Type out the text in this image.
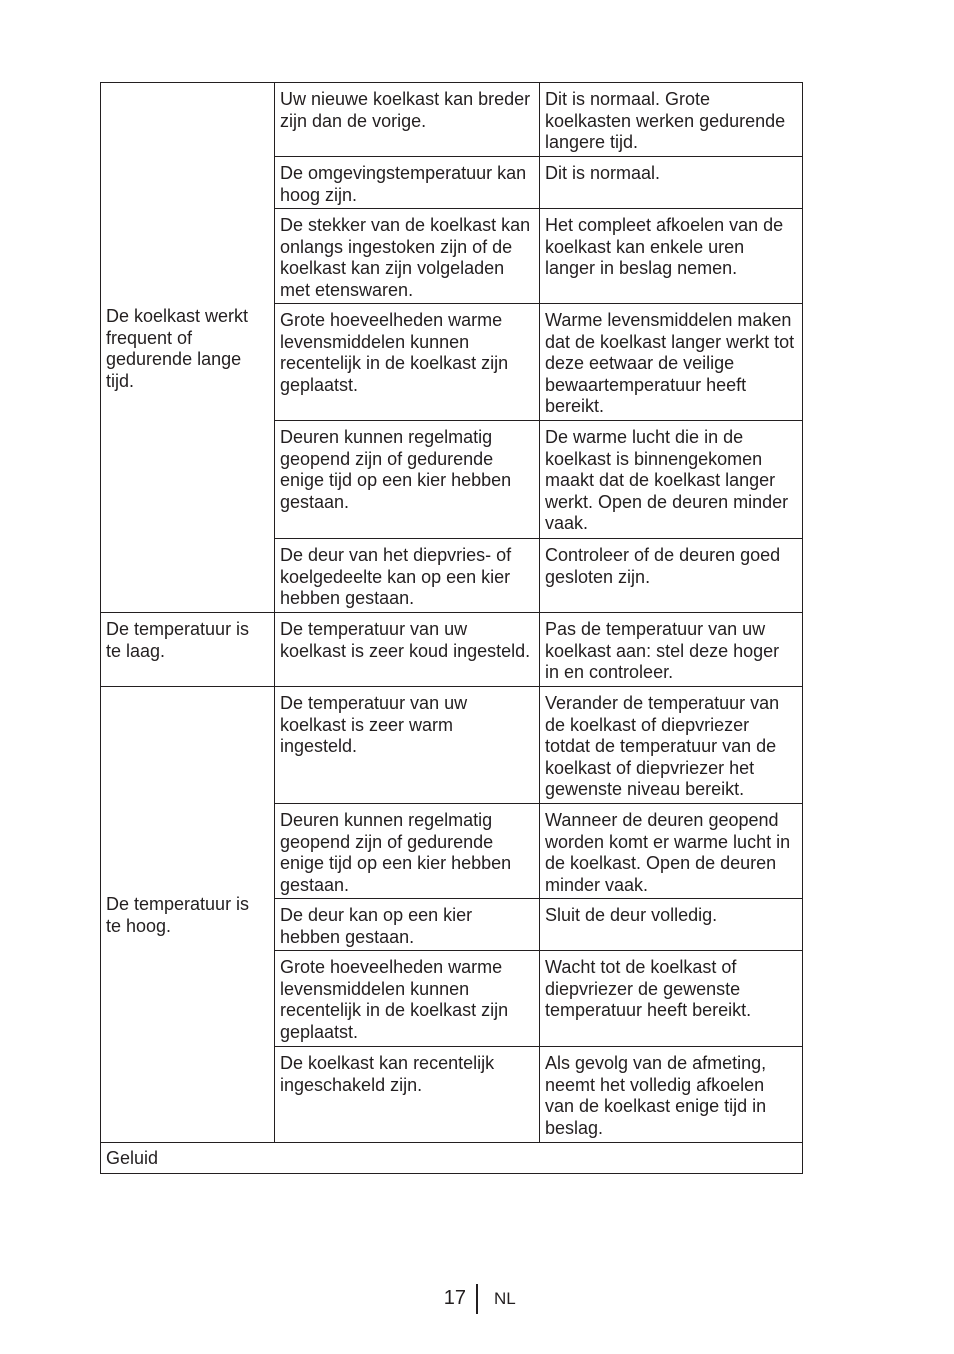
De koelkast werkt frequent of gedurende lange tijd.	Uw nieuwe koelkast kan breder zijn dan de vorige.	Dit is normaal. Grote koelkasten werken gedurende langere tijd.
	De omgevingstemperatuur kan hoog zijn.	Dit is normaal.
	De stekker van de koelkast kan onlangs ingestoken zijn of de koelkast kan zijn volgeladen met etenswaren.	Het compleet afkoelen van de koelkast kan enkele uren langer in beslag nemen.
	Grote hoeveelheden warme levensmiddelen kunnen recentelijk in de koelkast zijn geplaatst.	Warme levensmiddelen maken dat de koelkast langer werkt tot deze eetwaar de veilige bewaartemperatuur heeft bereikt.
	Deuren kunnen regelmatig geopend zijn of gedurende enige tijd op een kier hebben gestaan.	De warme lucht die in de koelkast is binnengekomen maakt dat de koelkast langer werkt. Open de deuren minder vaak.
	De deur van het diepvries- of koelgedeelte kan op een kier hebben gestaan.	Controleer of de deuren goed gesloten zijn.
De temperatuur is te laag.	De temperatuur van uw koelkast is zeer koud ingesteld.	Pas de temperatuur van uw koelkast aan: stel deze hoger in en controleer.
De temperatuur is te hoog.	De temperatuur van uw koelkast is zeer warm ingesteld.	Verander de temperatuur van de koelkast of diepvriezer totdat de temperatuur van de koelkast of diepvriezer het gewenste niveau bereikt.
	Deuren kunnen regelmatig geopend zijn of gedurende enige tijd op een kier hebben gestaan.	Wanneer de deuren geopend worden komt er warme lucht in de koelkast. Open de deuren minder vaak.
	De deur kan op een kier hebben gestaan.	Sluit de deur volledig.
	Grote hoeveelheden warme levensmiddelen kunnen recentelijk in de koelkast zijn geplaatst.	Wacht tot de koelkast of diepvriezer de gewenste temperatuur heeft bereikt.
	De koelkast kan recentelijk ingeschakeld zijn.	Als gevolg van de afmeting, neemt het volledig afkoelen van de koelkast enige tijd in beslag.
Geluid		
17 NL
